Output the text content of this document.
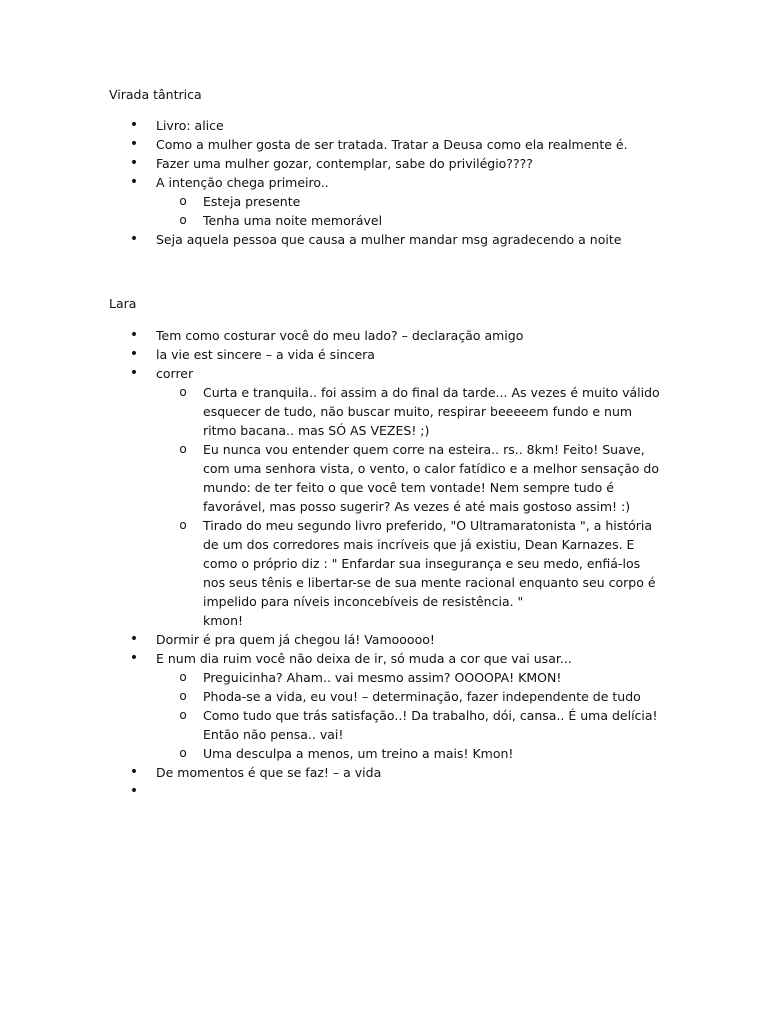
Virada tântrica

• Livro: alice
• Como a mulher gosta de ser tratada. Tratar a Deusa como ela realmente é.
• Fazer uma mulher gozar, contemplar, sabe do privilégio????
• A intenção chega primeiro..
o Esteja presente
o Tenha uma noite memorável
• Seja aquela pessoa que causa a mulher mandar msg agradecendo a noite

Lara

• Tem como costurar você do meu lado? – declaração amigo
• la vie est sincere – a vida é sincera
• correr
o Curta e tranquila.. foi assim a do final da tarde... As vezes é muito válido esquecer de tudo, não buscar muito, respirar beeeeem fundo e num ritmo bacana.. mas SÓ AS VEZES! ;)
o Eu nunca vou entender quem corre na esteira.. rs.. 8km! Feito! Suave, com uma senhora vista, o vento, o calor fatídico e a melhor sensação do mundo: de ter feito o que você tem vontade! Nem sempre tudo é favorável, mas posso sugerir? As vezes é até mais gostoso assim! :)
o Tirado do meu segundo livro preferido, "O Ultramaratonista ", a história de um dos corredores mais incríveis que já existiu, Dean Karnazes. E como o próprio diz : " Enfardar sua insegurança e seu medo, enfiá-los nos seus tênis e libertar-se de sua mente racional enquanto seu corpo é impelido para níveis inconcebíveis de resistência. "
kmon!
• Dormir é pra quem já chegou lá! Vamooooo!
• E num dia ruim você não deixa de ir, só muda a cor que vai usar...
o Preguicinha? Aham.. vai mesmo assim? OOOOPA! KMON!
o Phoda-se a vida, eu vou! – determinação, fazer independente de tudo
o Como tudo que trás satisfação..! Da trabalho, dói, cansa.. É uma delícia! Então não pensa.. vai!
o Uma desculpa a menos, um treino a mais! Kmon!
• De momentos é que se faz! – a vida
•
